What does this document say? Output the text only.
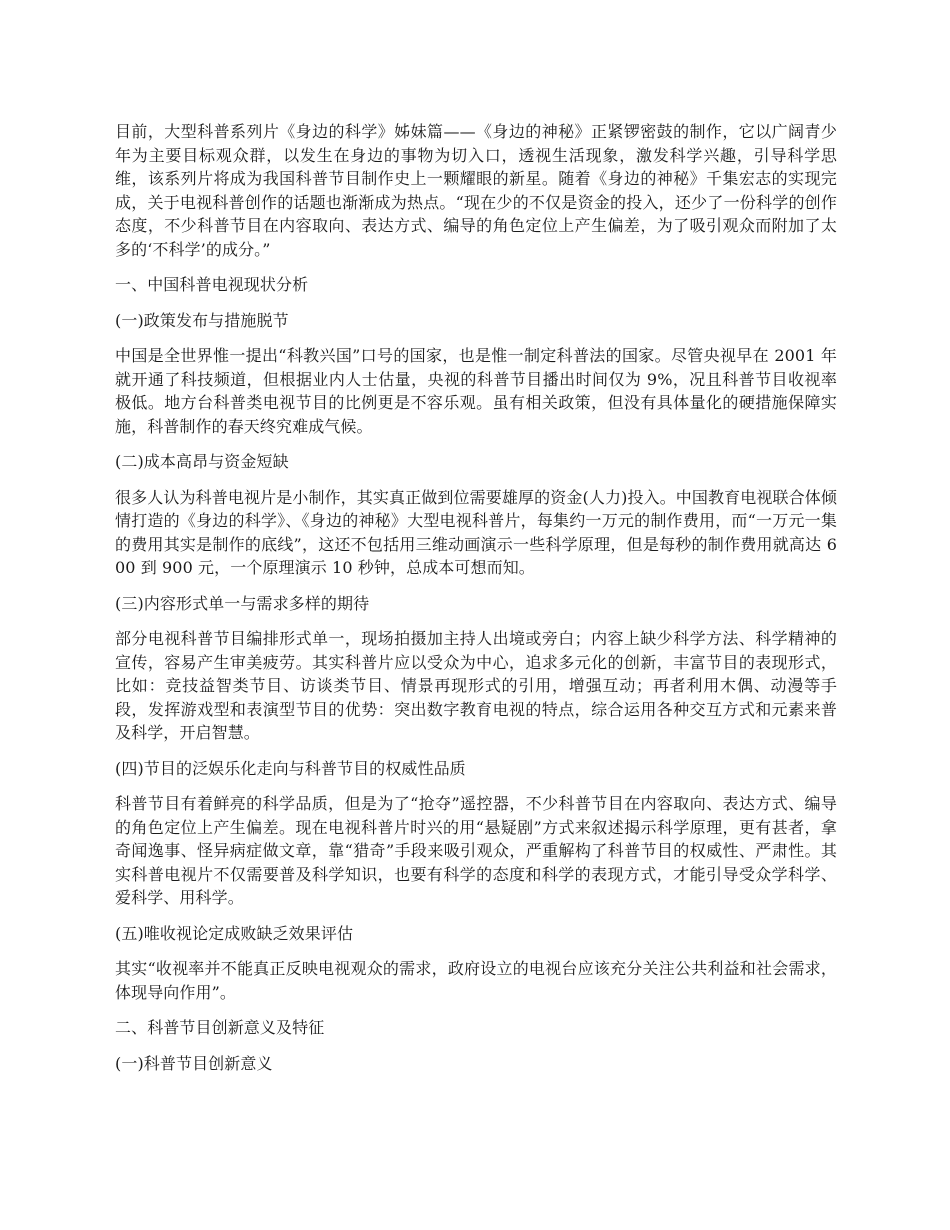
目前，大型科普系列片《身边的科学》姊妹篇——《身边的神秘》正紧锣密鼓的制作，它以广阔青少年为主要目标观众群，以发生在身边的事物为切入口，透视生活现象，激发科学兴趣，引导科学思维，该系列片将成为我国科普节目制作史上一颗耀眼的新星。随着《身边的神秘》千集宏志的实现完成，关于电视科普创作的话题也渐渐成为热点。“现在少的不仅是资金的投入，还少了一份科学的创作态度，不少科普节目在内容取向、表达方式、编导的角色定位上产生偏差，为了吸引观众而附加了太多的‘不科学’的成分。”

一、中国科普电视现状分析

(一)政策发布与措施脱节

中国是全世界惟一提出“科教兴国”口号的国家，也是惟一制定科普法的国家。尽管央视早在 2001 年就开通了科技频道，但根据业内人士估量，央视的科普节目播出时间仅为 9%，况且科普节目收视率极低。地方台科普类电视节目的比例更是不容乐观。虽有相关政策，但没有具体量化的硬措施保障实施，科普制作的春天终究难成气候。

(二)成本高昂与资金短缺

很多人认为科普电视片是小制作，其实真正做到位需要雄厚的资金(人力)投入。中国教育电视联合体倾情打造的《身边的科学》、《身边的神秘》大型电视科普片，每集约一万元的制作费用，而“一万元一集的费用其实是制作的底线”，这还不包括用三维动画演示一些科学原理，但是每秒的制作费用就高达 600 到 900 元，一个原理演示 10 秒钟，总成本可想而知。

(三)内容形式单一与需求多样的期待

部分电视科普节目编排形式单一，现场拍摄加主持人出境或旁白；内容上缺少科学方法、科学精神的宣传，容易产生审美疲劳。其实科普片应以受众为中心，追求多元化的创新，丰富节目的表现形式，比如：竞技益智类节目、访谈类节目、情景再现形式的引用，增强互动；再者利用木偶、动漫等手段，发挥游戏型和表演型节目的优势：突出数字教育电视的特点，综合运用各种交互方式和元素来普及科学，开启智慧。

(四)节目的泛娱乐化走向与科普节目的权威性品质

科普节目有着鲜亮的科学品质，但是为了“抢夺”遥控器，不少科普节目在内容取向、表达方式、编导的角色定位上产生偏差。现在电视科普片时兴的用“悬疑剧”方式来叙述揭示科学原理，更有甚者，拿奇闻逸事、怪异病症做文章，靠“猎奇”手段来吸引观众，严重解构了科普节目的权威性、严肃性。其实科普电视片不仅需要普及科学知识，也要有科学的态度和科学的表现方式，才能引导受众学科学、爱科学、用科学。

(五)唯收视论定成败缺乏效果评估

其实“收视率并不能真正反映电视观众的需求，政府设立的电视台应该充分关注公共利益和社会需求，体现导向作用”。

二、科普节目创新意义及特征

(一)科普节目创新意义
